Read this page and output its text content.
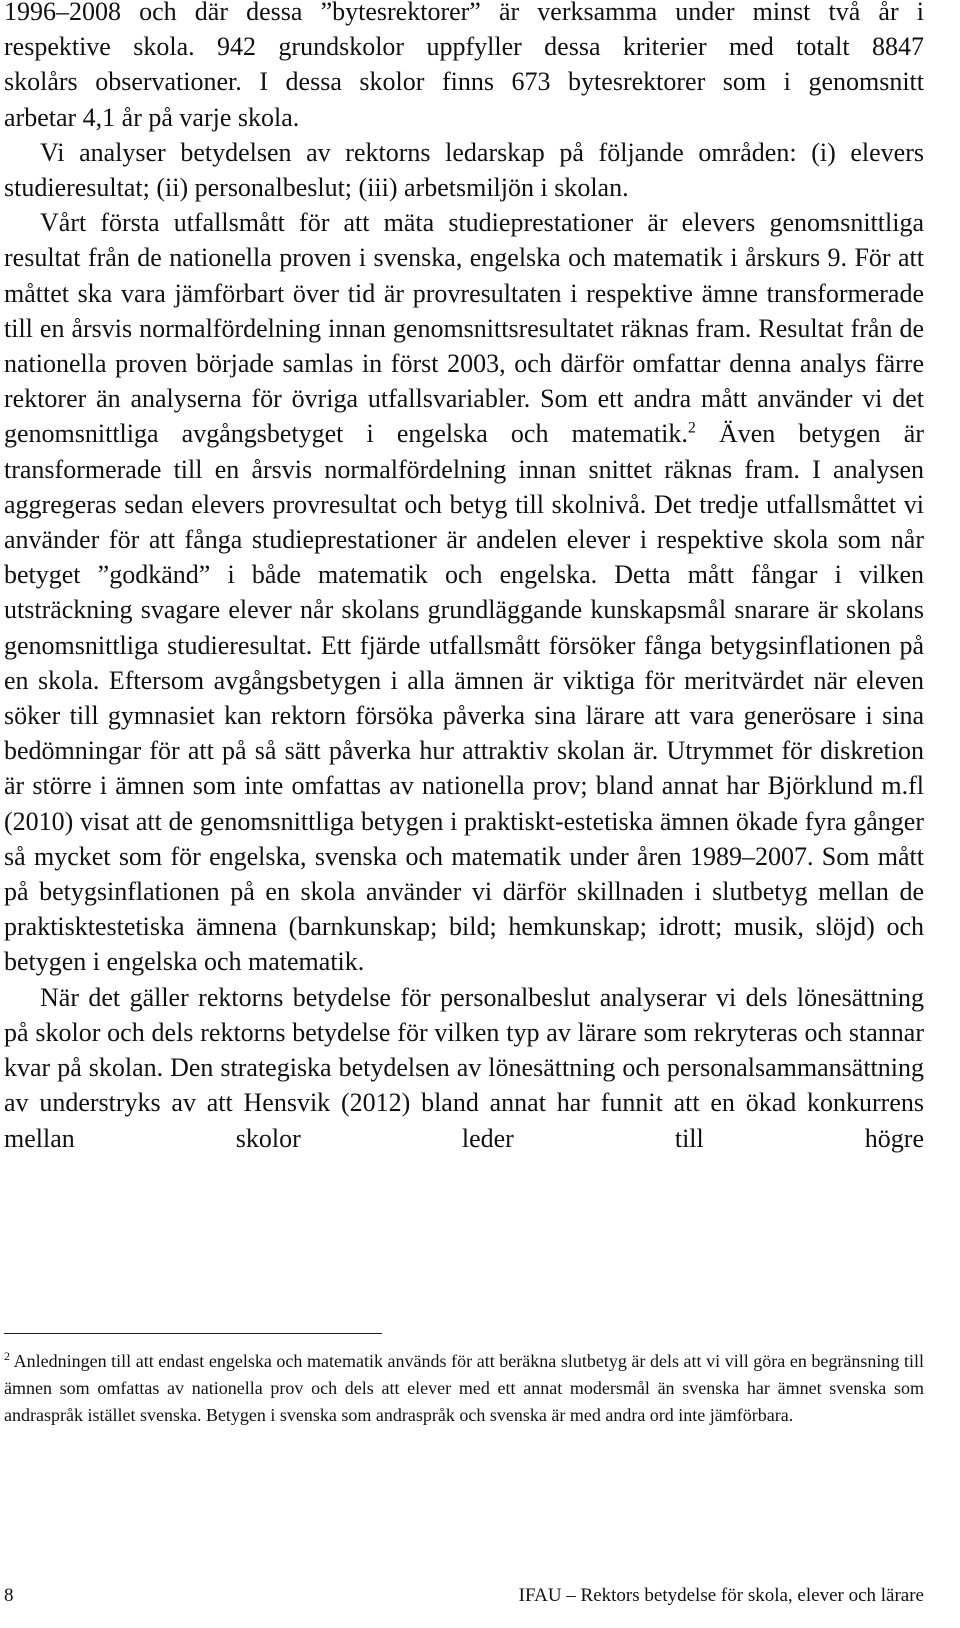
1996–2008 och där dessa ”bytesrektorer” är verksamma under minst två år i
respektive skola. 942 grundskolor uppfyller dessa kriterier med totalt 8847
skolårs observationer. I dessa skolor finns 673 bytesrektorer som i genomsnitt
arbetar 4,1 år på varje skola.

Vi analyser betydelsen av rektorns ledarskap på följande områden: (i) elevers studieresultat; (ii) personalbeslut; (iii) arbetsmiljön i skolan.

Vårt första utfallsmått för att mäta studieprestationer är elevers genomsnittliga resultat från de nationella proven i svenska, engelska och matematik i årskurs 9. För att måttet ska vara jämförbart över tid är provresultaten i respektive ämne transformerade till en årsvis normalfördelning innan genomsnittsresultatet räknas fram. Resultat från de nationella proven började samlas in först 2003, och därför omfattar denna analys färre rektorer än analyserna för övriga utfallsvariabler. Som ett andra mått använder vi det genomsnittliga avgångsbetyget i engelska och matematik.$^2$ Även betygen är transformerade till en årsvis normalfördelning innan snittet räknas fram. I analysen aggregeras sedan elevers provresultat och betyg till skolnivå. Det tredje utfallsmåttet vi använder för att fånga studieprestationer är andelen elever i respektive skola som når betyget ”godkänd” i både matematik och engelska. Detta mått fångar i vilken utsträckning svagare elever når skolans grundläggande kunskapsmål snarare är skolans genomsnittliga studieresultat. Ett fjärde utfallsmått försöker fånga betygsinflationen på en skola. Eftersom avgångsbetygen i alla ämnen är viktiga för meritvärdet när eleven söker till gymnasiet kan rektorn försöka påverka sina lärare att vara generösare i sina bedömningar för att på så sätt påverka hur attraktiv skolan är. Utrymmet för diskretion är större i ämnen som inte omfattas av nationella prov; bland annat har Björklund m.fl (2010) visat att de genomsnittliga betygen i praktiskt-estetiska ämnen ökade fyra gånger så mycket som för engelska, svenska och matematik under åren 1989–2007. Som mått på betygsinflationen på en skola använder vi därför skillnaden i slutbetyg mellan de praktisktestetiska ämnena (barnkunskap; bild; hemkunskap; idrott; musik, slöjd) och betygen i engelska och matematik.

När det gäller rektorns betydelse för personalbeslut analyserar vi dels lönesättning på skolor och dels rektorns betydelse för vilken typ av lärare som rekryteras och stannar kvar på skolan. Den strategiska betydelsen av lönesättning och personalsammansättning av understryks av att Hensvik (2012) bland annat har funnit att en ökad konkurrens mellan skolor leder till högre

$^2$ Anledningen till att endast engelska och matematik används för att beräkna slutbetyg är dels att vi vill göra en begränsning till ämnen som omfattas av nationella prov och dels att elever med ett annat modersmål än svenska har ämnet svenska som andraspråk istället svenska. Betygen i svenska som andraspråk och svenska är med andra ord inte jämförbara.
8	IFAU – Rektors betydelse för skola, elever och lärare
